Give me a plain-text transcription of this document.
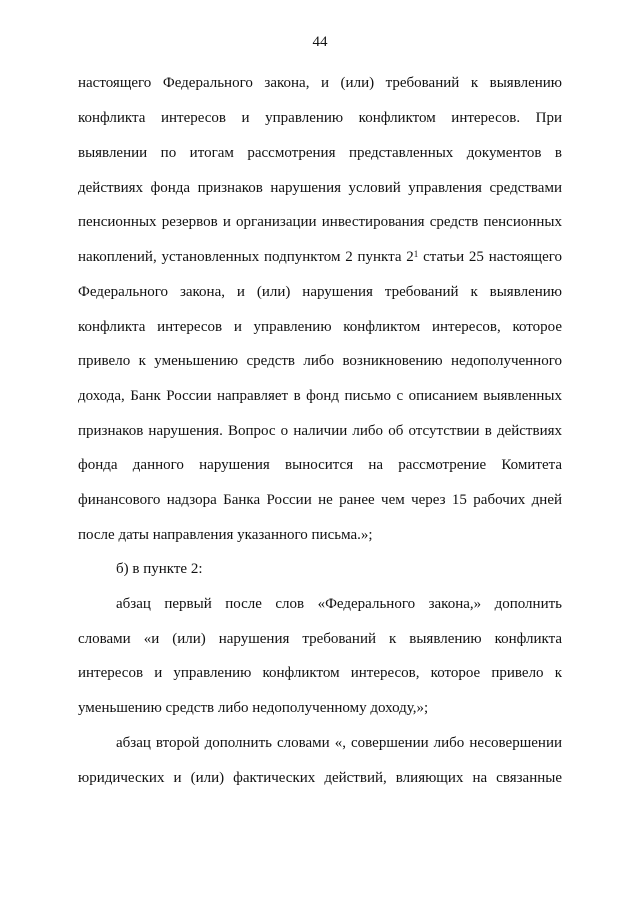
44
настоящего Федерального закона, и (или) требований к выявлению
конфликта интересов и управлению конфликтом интересов. При
выявлении по итогам рассмотрения представленных документов в
действиях фонда признаков нарушения условий управления средствами
пенсионных резервов и организации инвестирования средств пенсионных
накоплений, установленных подпунктом 2 пункта $2^1$ статьи 25 настоящего
Федерального закона, и (или) нарушения требований к выявлению
конфликта интересов и управлению конфликтом интересов, которое
привело к уменьшению средств либо возникновению недополученного
дохода, Банк России направляет в фонд письмо с описанием выявленных
признаков нарушения. Вопрос о наличии либо об отсутствии в действиях
фонда данного нарушения выносится на рассмотрение Комитета
финансового надзора Банка России не ранее чем через 15 рабочих дней
после даты направления указанного письма.»;
б) в пункте 2:
абзац первый после слов «Федерального закона,» дополнить
словами «и (или) нарушения требований к выявлению конфликта
интересов и управлению конфликтом интересов, которое привело к
уменьшению средств либо недополученному доходу,»;
абзац второй дополнить словами «, совершении либо несовершении
юридических и (или) фактических действий, влияющих на связанные
